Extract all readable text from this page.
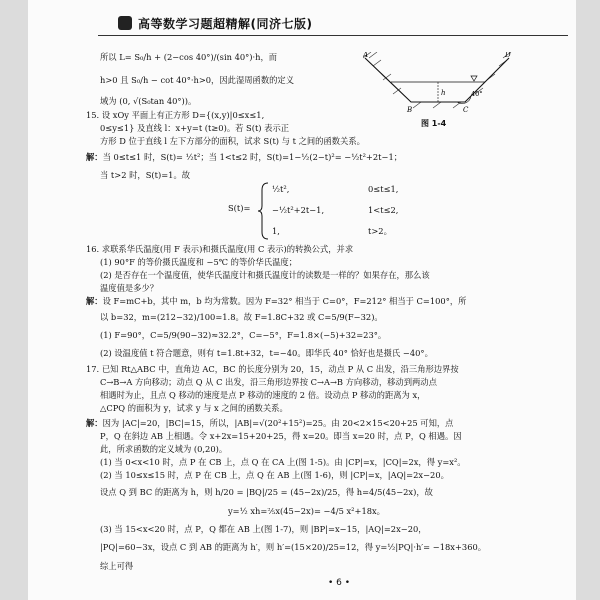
高等数学习题超精解(同济七版)
A
B	C
D
h	40°
图 1-4
所以 L= S₀/h + (2−cos 40°)/(sin 40°)·h，而
h>0 且 S₀/h − cot 40°·h>0，因此湿周函数的定义
域为 (0, √(S₀tan 40°))。
15. 设 xOy 平面上有正方形 D={(x,y)|0≤x≤1,
0≤y≤1} 及直线 l：x+y=t (t≥0)。若 S(t) 表示正
方形 D 位于直线 l 左下方部分的面积，试求 S(t) 与 t 之间的函数关系。
解：当 0≤t≤1 时，S(t)= ½t²；当 1<t≤2 时，S(t)=1−½(2−t)²= −½t²+2t−1；
当 t>2 时，S(t)=1。故
S(t)=
½t²,	0≤t≤1,
−½t²+2t−1,	1<t≤2,
1,	t>2。
16. 求联系华氏温度(用 F 表示)和摄氏温度(用 C 表示)的转换公式，并求
(1) 90°F 的等价摄氏温度和 −5℃ 的等价华氏温度；
(2) 是否存在一个温度值，使华氏温度计和摄氏温度计的读数是一样的？如果存在，那么该
温度值是多少？
解：设 F=mC+b，其中 m，b 均为常数。因为 F=32° 相当于 C=0°，F=212° 相当于 C=100°，所
以 b=32，m=(212−32)/100=1.8。故 F=1.8C+32 或 C=5/9(F−32)。
(1) F=90°，C=5/9(90−32)≈32.2°，C=−5°，F=1.8×(−5)+32=23°。
(2) 设温度值 t 符合题意，则有 t=1.8t+32，t=−40。即华氏 40° 恰好也是摄氏 −40°。
17. 已知 Rt△ABC 中，直角边 AC，BC 的长度分别为 20，15，动点 P 从 C 出发，沿三角形边界按
C→B→A 方向移动；动点 Q 从 C 出发，沿三角形边界按 C→A→B 方向移动，移动到两动点
相遇时为止，且点 Q 移动的速度是点 P 移动的速度的 2 倍。设动点 P 移动的距离为 x，
△CPQ 的面积为 y，试求 y 与 x 之间的函数关系。
解：因为 |AC|=20，|BC|=15，所以，|AB|=√(20²+15²)=25。由 20<2×15<20+25 可知，点
P，Q 在斜边 AB 上相遇。令 x+2x=15+20+25，得 x=20。即当 x=20 时，点 P，Q 相遇。因
此，所求函数的定义域为 (0,20)。
(1) 当 0<x<10 时，点 P 在 CB 上，点 Q 在 CA 上(图 1-5)。由 |CP|=x，|CQ|=2x，得 y=x²。
(2) 当 10≤x≤15 时，点 P 在 CB 上，点 Q 在 AB 上(图 1-6)，则 |CP|=x，|AQ|=2x−20。
设点 Q 到 BC 的距离为 h，则 h/20 = |BQ|/25 = (45−2x)/25，得 h=4/5(45−2x)，故
y=½ xh=⅖x(45−2x)= −4/5 x²+18x。
(3) 当 15<x<20 时，点 P，Q 都在 AB 上(图 1-7)，则 |BP|=x−15，|AQ|=2x−20，
|PQ|=60−3x，设点 C 到 AB 的距离为 h′，则 h′=(15×20)/25=12，得 y=½|PQ|·h′= −18x+360。
综上可得
• 6 •
